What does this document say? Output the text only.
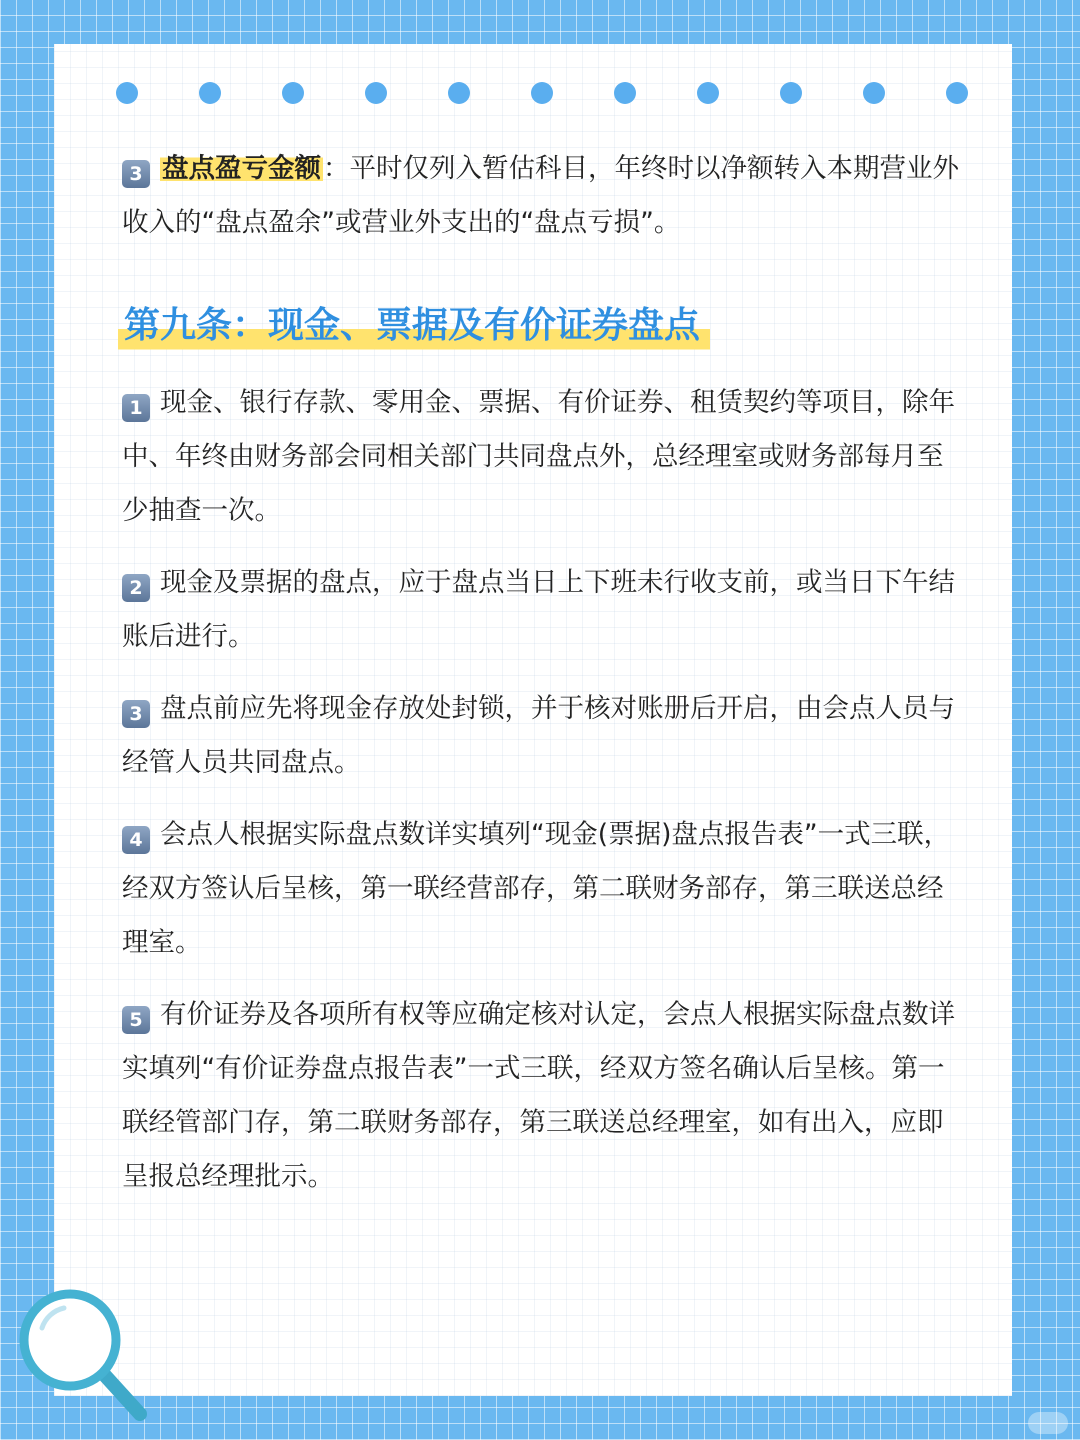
3 盘点盈亏金额：平时仅列入暂估科目，年终时以净额转入本期营业外收入的“盘点盈余”或营业外支出的“盘点亏损”。

第九条：现金、票据及有价证券盘点

1 现金、银行存款、零用金、票据、有价证券、租赁契约等项目，除年中、年终由财务部会同相关部门共同盘点外，总经理室或财务部每月至少抽查一次。

2 现金及票据的盘点，应于盘点当日上下班未行收支前，或当日下午结账后进行。

3 盘点前应先将现金存放处封锁，并于核对账册后开启，由会点人员与经管人员共同盘点。

4 会点人根据实际盘点数详实填列“现金(票据)盘点报告表”一式三联，经双方签认后呈核，第一联经营部存，第二联财务部存，第三联送总经理室。

5 有价证券及各项所有权等应确定核对认定，会点人根据实际盘点数详实填列“有价证券盘点报告表”一式三联，经双方签名确认后呈核。第一联经管部门存，第二联财务部存，第三联送总经理室，如有出入，应即呈报总经理批示。
